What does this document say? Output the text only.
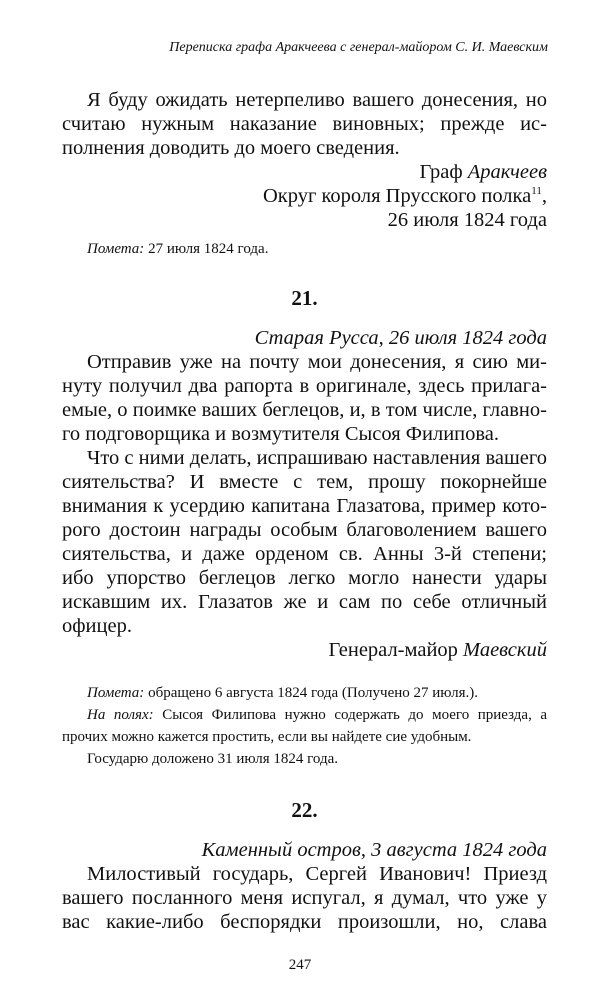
Переписка графа Аракчеева с генерал-майором С. И. Маевским

Я буду ожидать нетерпеливо вашего донесения, но считаю нужным наказание виновных; прежде исполнения доводить до моего сведения.

Граф Аракчеев

Округ короля Прусского полка$^{11}$,

26 июля 1824 года

Помета: 27 июля 1824 года.

21.

Старая Русса, 26 июля 1824 года

Отправив уже на почту мои донесения, я сию минуту получил два рапорта в оригинале, здесь прилагаемые, о поимке ваших беглецов, и, в том числе, главного подговорщика и возмутителя Сысоя Филипова.

Что с ними делать, испрашиваю наставления вашего сиятельства? И вместе с тем, прошу покорнейше внимания к усердию капитана Глазатова, пример которого достоин награды особым благоволением вашего сиятельства, и даже орденом св. Анны 3-й степени; ибо упорство беглецов легко могло нанести удары искавшим их. Глазатов же и сам по себе отличный офицер.

Генерал-майор Маевский

Помета: обращено 6 августа 1824 года (Получено 27 июля.).

На полях: Сысоя Филипова нужно содержать до моего приезда, а прочих можно кажется простить, если вы найдете сие удобным.

Государю доложено 31 июля 1824 года.

22.

Каменный остров, 3 августа 1824 года

Милостивый государь, Сергей Иванович! Приезд вашего посланного меня испугал, я думал, что уже у вас какие-либо беспорядки произошли, но, слава

247
